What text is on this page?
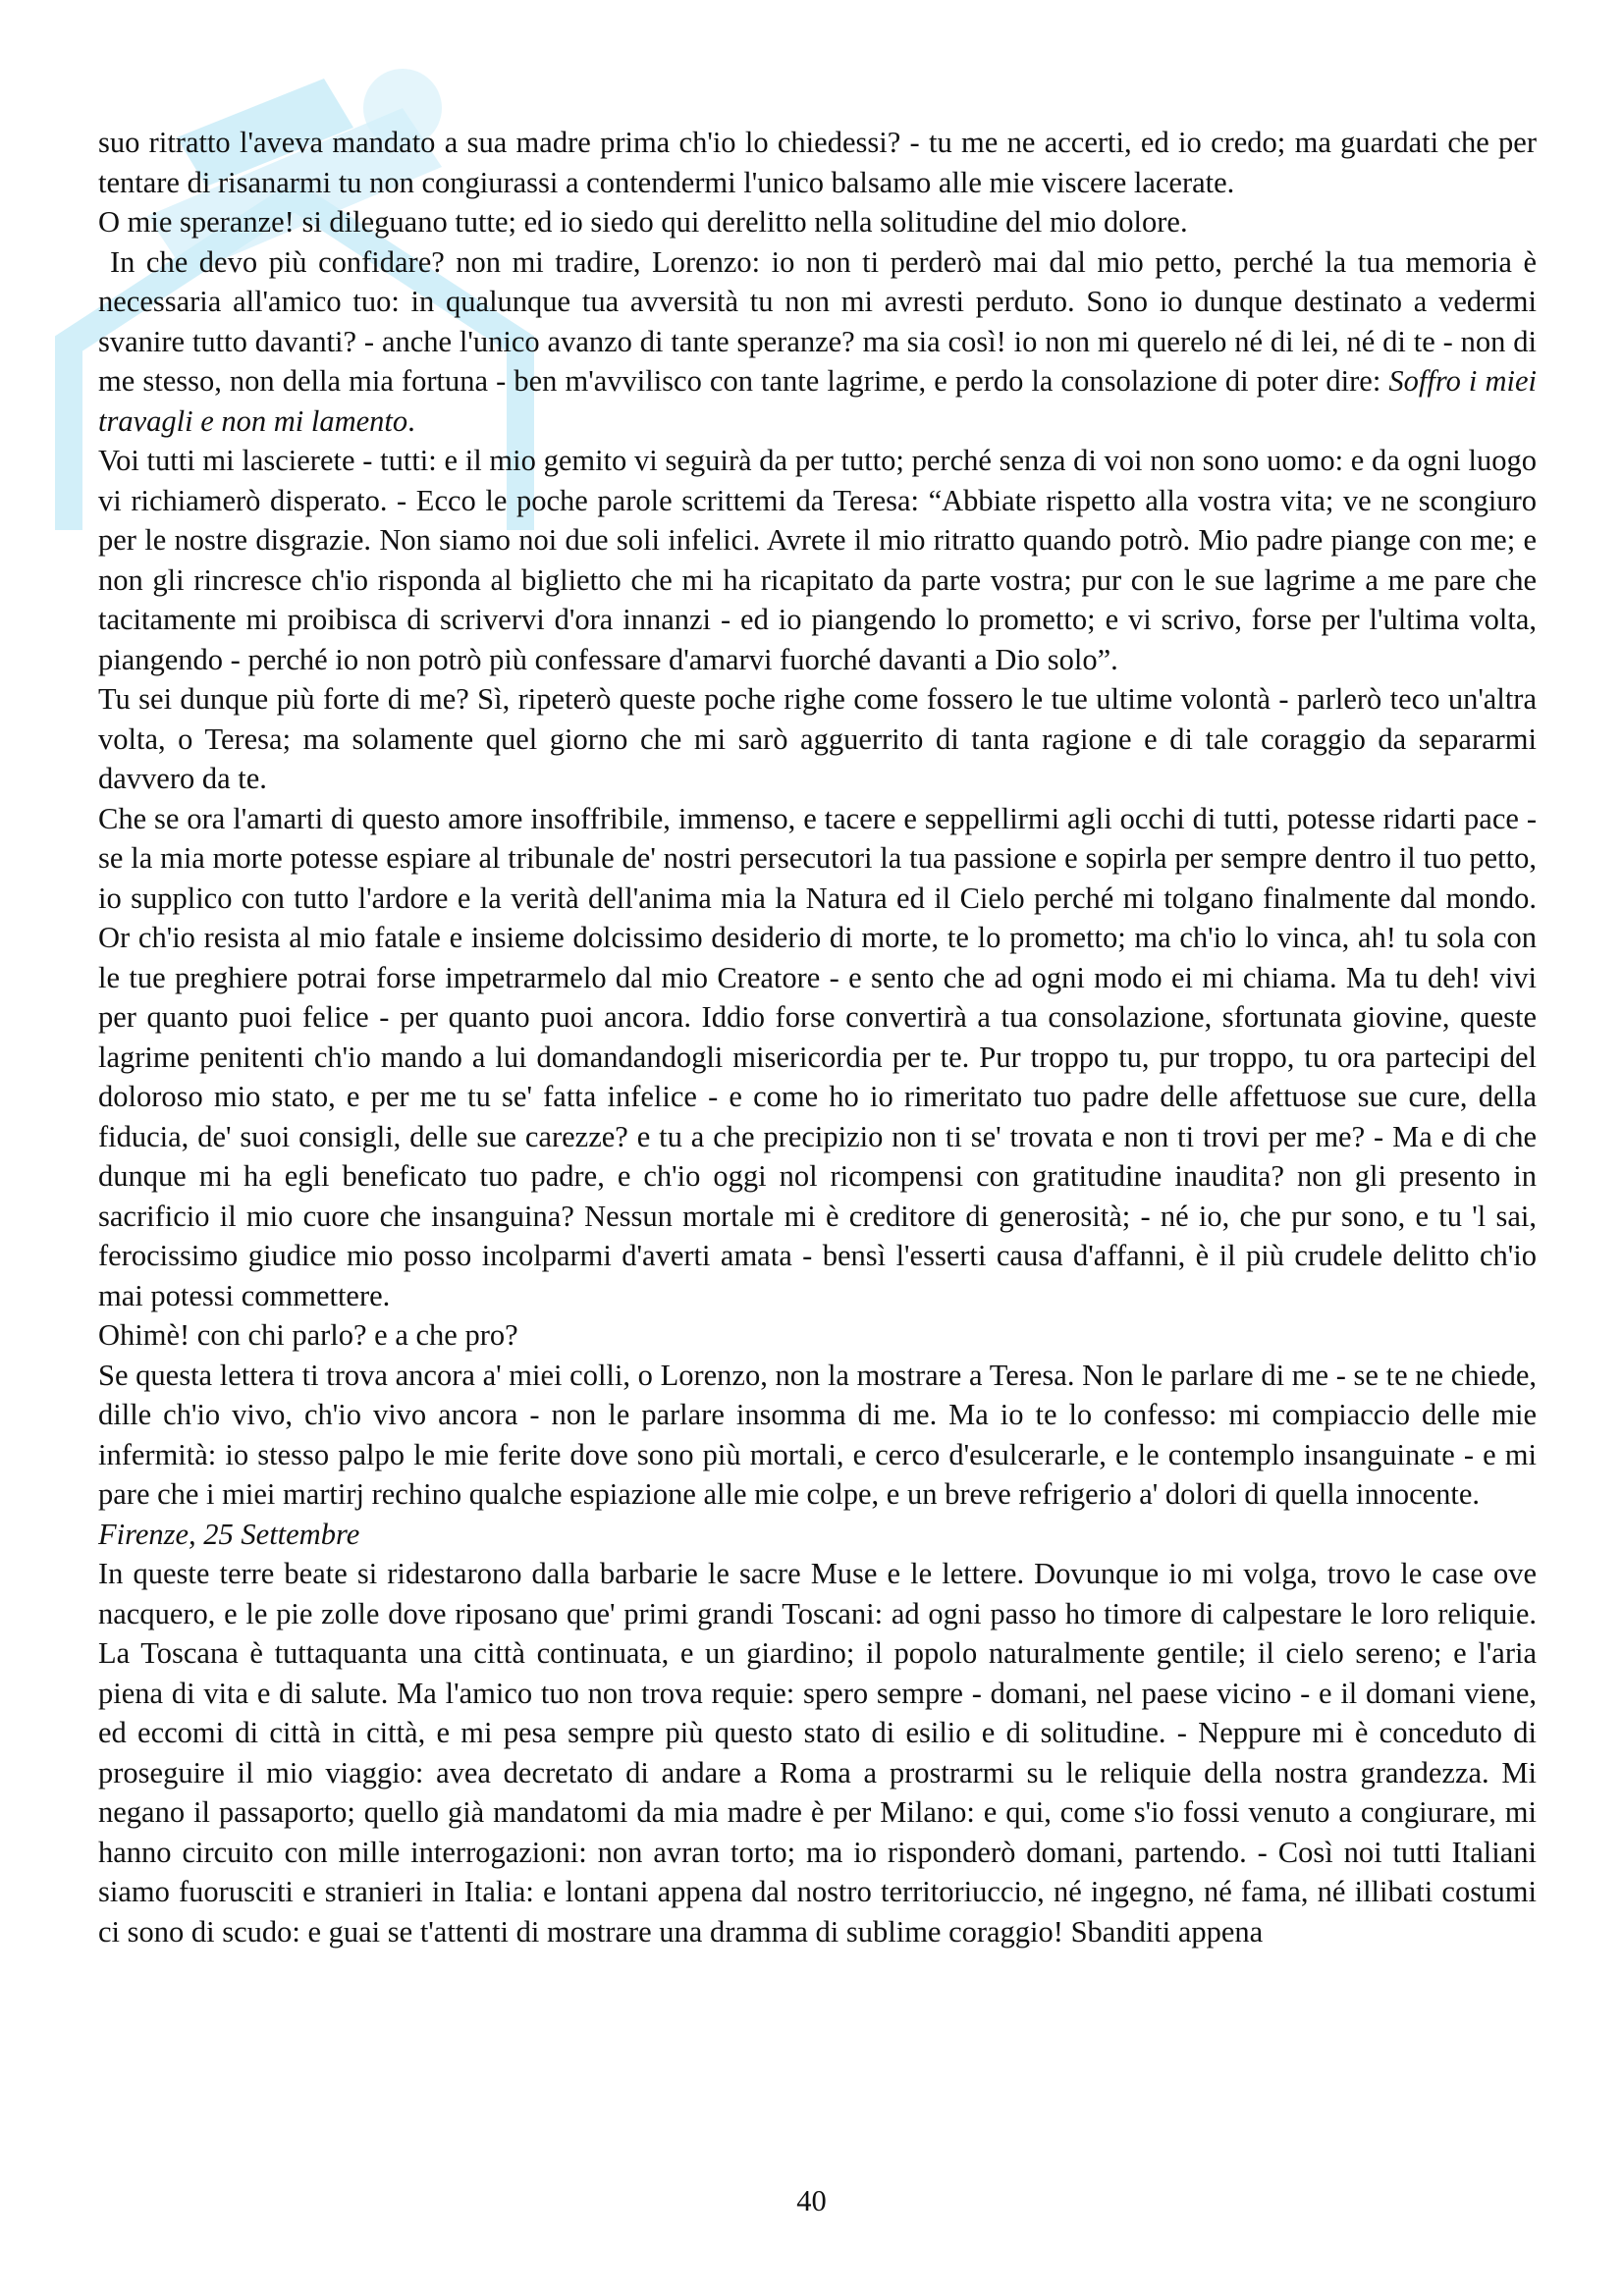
suo ritratto l'aveva mandato a sua madre prima ch'io lo chiedessi? - tu me ne accerti, ed io credo; ma guardati che per tentare di risanarmi tu non congiurassi a contendermi l'unico balsamo alle mie viscere lacerate.

O mie speranze! si dileguano tutte; ed io siedo qui derelitto nella solitudine del mio dolore.

In che devo più confidare? non mi tradire, Lorenzo: io non ti perderò mai dal mio petto, perché la tua memoria è necessaria all'amico tuo: in qualunque tua avversità tu non mi avresti perduto. Sono io dunque destinato a vedermi svanire tutto davanti? - anche l'unico avanzo di tante speranze? ma sia così! io non mi querelo né di lei, né di te - non di me stesso, non della mia fortuna - ben m'avvilisco con tante lagrime, e perdo la consolazione di poter dire: Soffro i miei travagli e non mi lamento.

Voi tutti mi lascierete - tutti: e il mio gemito vi seguirà da per tutto; perché senza di voi non sono uomo: e da ogni luogo vi richiamerò disperato. - Ecco le poche parole scrittemi da Teresa: “Abbiate rispetto alla vostra vita; ve ne scongiuro per le nostre disgrazie. Non siamo noi due soli infelici. Avrete il mio ritratto quando potrò. Mio padre piange con me; e non gli rincresce ch'io risponda al biglietto che mi ha ricapitato da parte vostra; pur con le sue lagrime a me pare che tacitamente mi proibisca di scrivervi d'ora innanzi - ed io piangendo lo prometto; e vi scrivo, forse per l'ultima volta, piangendo - perché io non potrò più confessare d'amarvi fuorché davanti a Dio solo”.

Tu sei dunque più forte di me? Sì, ripeterò queste poche righe come fossero le tue ultime volontà - parlerò teco un'altra volta, o Teresa; ma solamente quel giorno che mi sarò agguerrito di tanta ragione e di tale coraggio da separarmi davvero da te.

Che se ora l'amarti di questo amore insoffribile, immenso, e tacere e seppellirmi agli occhi di tutti, potesse ridarti pace - se la mia morte potesse espiare al tribunale de' nostri persecutori la tua passione e sopirla per sempre dentro il tuo petto, io supplico con tutto l'ardore e la verità dell'anima mia la Natura ed il Cielo perché mi tolgano finalmente dal mondo. Or ch'io resista al mio fatale e insieme dolcissimo desiderio di morte, te lo prometto; ma ch'io lo vinca, ah! tu sola con le tue preghiere potrai forse impetrarmelo dal mio Creatore - e sento che ad ogni modo ei mi chiama. Ma tu deh! vivi per quanto puoi felice - per quanto puoi ancora. Iddio forse convertirà a tua consolazione, sfortunata giovine, queste lagrime penitenti ch'io mando a lui domandandogli misericordia per te. Pur troppo tu, pur troppo, tu ora partecipi del doloroso mio stato, e per me tu se' fatta infelice - e come ho io rimeritato tuo padre delle affettuose sue cure, della fiducia, de' suoi consigli, delle sue carezze? e tu a che precipizio non ti se' trovata e non ti trovi per me? - Ma e di che dunque mi ha egli beneficato tuo padre, e ch'io oggi nol ricompensi con gratitudine inaudita? non gli presento in sacrificio il mio cuore che insanguina? Nessun mortale mi è creditore di generosità; - né io, che pur sono, e tu 'l sai, ferocissimo giudice mio posso incolparmi d'averti amata - bensì l'esserti causa d'affanni, è il più crudele delitto ch'io mai potessi commettere.

Ohimè! con chi parlo? e a che pro?

Se questa lettera ti trova ancora a' miei colli, o Lorenzo, non la mostrare a Teresa. Non le parlare di me - se te ne chiede, dille ch'io vivo, ch'io vivo ancora - non le parlare insomma di me. Ma io te lo confesso: mi compiaccio delle mie infermità: io stesso palpo le mie ferite dove sono più mortali, e cerco d'esulcerarle, e le contemplo insanguinate - e mi pare che i miei martirj rechino qualche espiazione alle mie colpe, e un breve refrigerio a' dolori di quella innocente.

Firenze, 25 Settembre

In queste terre beate si ridestarono dalla barbarie le sacre Muse e le lettere. Dovunque io mi volga, trovo le case ove nacquero, e le pie zolle dove riposano que' primi grandi Toscani: ad ogni passo ho timore di calpestare le loro reliquie. La Toscana è tuttaquanta una città continuata, e un giardino; il popolo naturalmente gentile; il cielo sereno; e l'aria piena di vita e di salute. Ma l'amico tuo non trova requie: spero sempre - domani, nel paese vicino - e il domani viene, ed eccomi di città in città, e mi pesa sempre più questo stato di esilio e di solitudine. - Neppure mi è conceduto di proseguire il mio viaggio: avea decretato di andare a Roma a prostrarmi su le reliquie della nostra grandezza. Mi negano il passaporto; quello già mandatomi da mia madre è per Milano: e qui, come s'io fossi venuto a congiurare, mi hanno circuito con mille interrogazioni: non avran torto; ma io risponderò domani, partendo. - Così noi tutti Italiani siamo fuorusciti e stranieri in Italia: e lontani appena dal nostro territoriuccio, né ingegno, né fama, né illibati costumi ci sono di scudo: e guai se t'attenti di mostrare una dramma di sublime coraggio! Sbanditi appena

40
